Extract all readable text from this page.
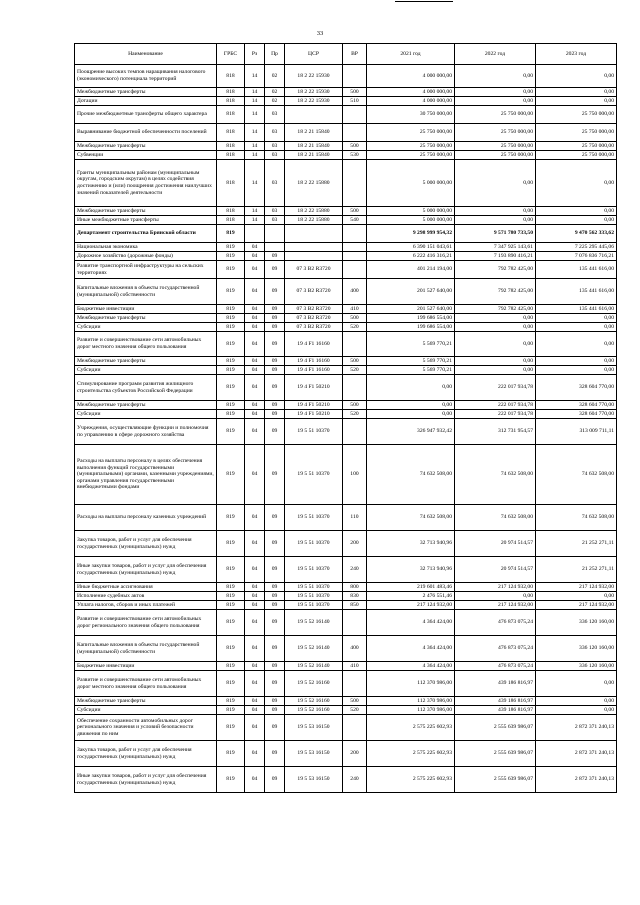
33
Наименование	ГРБС	Рз	Пр	ЦСР	ВР	2021 год	2022 год	2023 год
Поощрение высоких темпов наращивания налогового (экономического) потенциала территорий	818	14	02	18 2 22 15930		4 000 000,00	0,00	0,00
Межбюджетные трансферты	818	14	02	18 2 22 15930	500	4 000 000,00	0,00	0,00
Дотации	818	14	02	18 2 22 15930	510	4 000 000,00	0,00	0,00
Прочие межбюджетные трансферты общего характера	818	14	03			30 750 000,00	25 750 000,00	25 750 000,00
Выравнивание бюджетной обеспеченности поселений	818	14	03	18 2 21 15840		25 750 000,00	25 750 000,00	25 750 000,00
Межбюджетные трансферты	818	14	03	18 2 21 15840	500	25 750 000,00	25 750 000,00	25 750 000,00
Субвенции	818	14	03	18 2 21 15840	530	25 750 000,00	25 750 000,00	25 750 000,00
Гранты муниципальным районам (муниципальным округам, городским округам) в целях содействия достижению и (или) поощрения достижения наилучших значений показателей деятельности	818	14	03	18 2 22 15880		5 000 000,00	0,00	0,00
Межбюджетные трансферты	818	14	03	18 2 22 15880	500	5 000 000,00	0,00	0,00
Иные межбюджетные трансферты	818	14	03	18 2 22 15880	540	5 000 000,00	0,00	0,00
Департамент строительства Брянской области	819					9 298 999 954,32	9 571 780 733,50	9 470 562 333,62
Национальная экономика	819	04				6 390 151 043,61	7 347 925 143,61	7 225 295 445,06
Дорожное хозяйство (дорожные фонды)	819	04	09			6 222 416 316,21	7 193 890 416,21	7 076 836 716,21
Развитие транспортной инфраструктуры на сельских территориях	819	04	09	07 3 В2 R3720		401 214 194,00	792 782 425,00	135 441 616,00
Капитальные вложения в объекты государственной (муниципальной) собственности	819	04	09	07 3 В2 R3720	400	201 527 640,00	792 782 425,00	135 441 616,00
Бюджетные инвестиции	819	04	09	07 3 В2 R3720	410	201 527 640,00	792 782 425,00	135 441 616,00
Межбюджетные трансферты	819	04	09	07 3 В2 R3720	500	199 686 554,00	0,00	0,00
Субсидии	819	04	09	07 3 В2 R3720	520	199 686 554,00	0,00	0,00
Развитие и совершенствование сети автомобильных дорог местного значения общего пользования	819	04	09	19 4 F1 16160		5 569 770,21	0,00	0,00
Межбюджетные трансферты	819	04	09	19 4 F1 16160	500	5 569 770,21	0,00	0,00
Субсидии	819	04	09	19 4 F1 16160	520	5 569 770,21	0,00	0,00
Стимулирование программ развития жилищного строительства субъектов Российской Федерации	819	04	09	19 4 F1 50210		0,00	222 017 934,78	328 604 770,00
Межбюджетные трансферты	819	04	09	19 4 F1 50210	500	0,00	222 017 934,78	328 604 770,00
Субсидии	819	04	09	19 4 F1 50210	520	0,00	222 017 934,78	328 604 770,00
Учреждения, осуществляющие функции и полномочия по управлению в сфере дорожного хозяйства	819	04	09	19 5 51 10370		326 947 932,42	312 731 954,57	313 009 711,11
Расходы на выплаты персоналу в целях обеспечения выполнения функций государственными (муниципальными) органами, казенными учреждениями, органами управления государственными внебюджетными фондами	819	04	09	19 5 51 10370	100	74 632 508,00	74 632 508,00	74 632 508,00
Расходы на выплаты персоналу казенных учреждений	819	04	09	19 5 51 10370	110	74 632 508,00	74 632 508,00	74 632 508,00
Закупка товаров, работ и услуг для обеспечения государственных (муниципальных) нужд	819	04	09	19 5 51 10370	200	32 713 940,96	20 974 514,57	21 252 271,11
Иные закупки товаров, работ и услуг для обеспечения государственных (муниципальных) нужд	819	04	09	19 5 51 10370	240	32 713 940,96	20 974 514,57	21 252 271,11
Иные бюджетные ассигнования	819	04	09	19 5 51 10370	800	219 601 483,46	217 124 932,00	217 124 932,00
Исполнение судебных актов	819	04	09	19 5 51 10370	830	2 476 551,46	0,00	0,00
Уплата налогов, сборов и иных платежей	819	04	09	19 5 51 10370	850	217 124 932,00	217 124 932,00	217 124 932,00
Развитие и совершенствование сети автомобильных дорог регионального значения общего пользования	819	04	09	19 5 52 16140		4 364 424,00	476 873 075,24	336 120 160,00
Капитальные вложения в объекты государственной (муниципальной) собственности	819	04	09	19 5 52 16140	400	4 364 424,00	476 873 075,24	336 120 160,00
Бюджетные инвестиции	819	04	09	19 5 52 16140	410	4 364 424,00	476 873 075,24	336 120 160,00
Развитие и совершенствование сети автомобильных дорог местного значения общего пользования	819	04	09	19 5 52 16160		112 370 986,00	439 186 816,97	0,00
Межбюджетные трансферты	819	04	09	19 5 52 16160	500	112 370 986,00	439 186 816,97	0,00
Субсидии	819	04	09	19 5 52 16160	520	112 370 986,00	439 186 816,97	0,00
Обеспечение сохранности автомобильных дорог регионального значения и условий безопасности движения по ним	819	04	09	19 5 53 16150		2 575 225 602,93	2 555 639 986,07	2 872 371 240,13
Закупка товаров, работ и услуг для обеспечения государственных (муниципальных) нужд	819	04	09	19 5 53 16150	200	2 575 225 602,93	2 555 639 986,07	2 872 371 240,13
Иные закупки товаров, работ и услуг для обеспечения государственных (муниципальных) нужд	819	04	09	19 5 53 16150	240	2 575 225 602,93	2 555 639 986,07	2 872 371 240,13
